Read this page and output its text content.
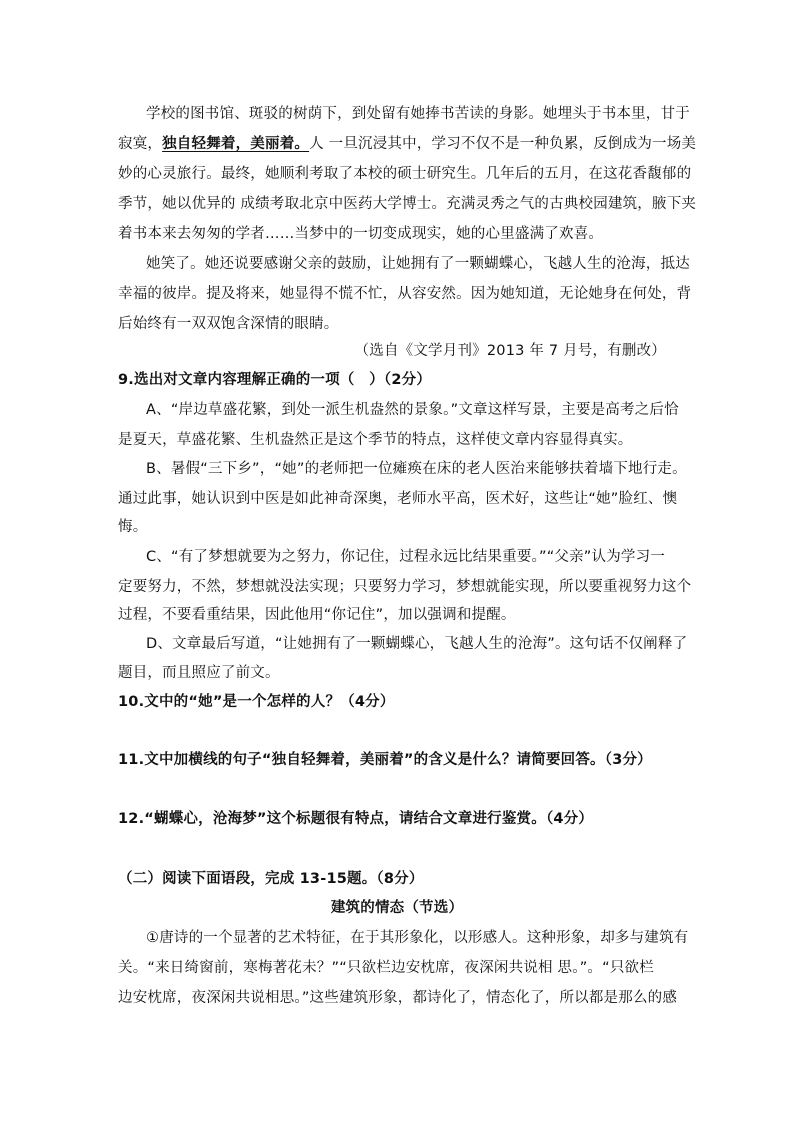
学校的图书馆、斑驳的树荫下，到处留有她捧书苦读的身影。她埋头于书本里，甘于
寂寞，独自轻舞着，美丽着。人 一旦沉浸其中，学习不仅不是一种负累，反倒成为一场美
妙的心灵旅行。最终，她顺利考取了本校的硕士研究生。几年后的五月，在这花香馥郁的
季节，她以优异的 成绩考取北京中医药大学博士。充满灵秀之气的古典校园建筑，腋下夹
着书本来去匆匆的学者……当梦中的一切变成现实，她的心里盛满了欢喜。
她笑了。她还说要感谢父亲的鼓励，让她拥有了一颗蝴蝶心，飞越人生的沧海，抵达
幸福的彼岸。提及将来，她显得不慌不忙，从容安然。因为她知道，无论她身在何处，背
后始终有一双双饱含深情的眼睛。
（选自《文学月刊》2013 年 7 月号，有删改）
9.选出对文章内容理解正确的一项（　）（2分）
A、“岸边草盛花繁，到处一派生机盎然的景象。”文章这样写景，主要是高考之后恰
是夏天，草盛花繁、生机盎然正是这个季节的特点，这样使文章内容显得真实。
B、暑假“三下乡”，“她”的老师把一位瘫痪在床的老人医治来能够扶着墙下地行走。
通过此事，她认识到中医是如此神奇深奥，老师水平高，医术好，这些让“她”脸红、懊
悔。
C、“有了梦想就要为之努力，你记住，过程永远比结果重要。”“父亲”认为学习一
定要努力，不然，梦想就没法实现；只要努力学习，梦想就能实现，所以要重视努力这个
过程，不要看重结果，因此他用“你记住”，加以强调和提醒。
D、文章最后写道，“让她拥有了一颗蝴蝶心，飞越人生的沧海”。这句话不仅阐释了
题目，而且照应了前文。
10.文中的“她”是一个怎样的人？（4分）
11.文中加横线的句子“独自轻舞着，美丽着”的含义是什么？请简要回答。（3分）
12.“蝴蝶心，沧海梦”这个标题很有特点，请结合文章进行鉴赏。（4分）
（二）阅读下面语段，完成 13-15题。（8分）
建筑的情态（节选）
①唐诗的一个显著的艺术特征，在于其形象化，以形感人。这种形象，却多与建筑有
关。“来日绮窗前，寒梅著花未？”“只欲栏边安枕席，夜深闲共说相 思。”。“只欲栏
边安枕席，夜深闲共说相思。”这些建筑形象，都诗化了，情态化了，所以都是那么的感
